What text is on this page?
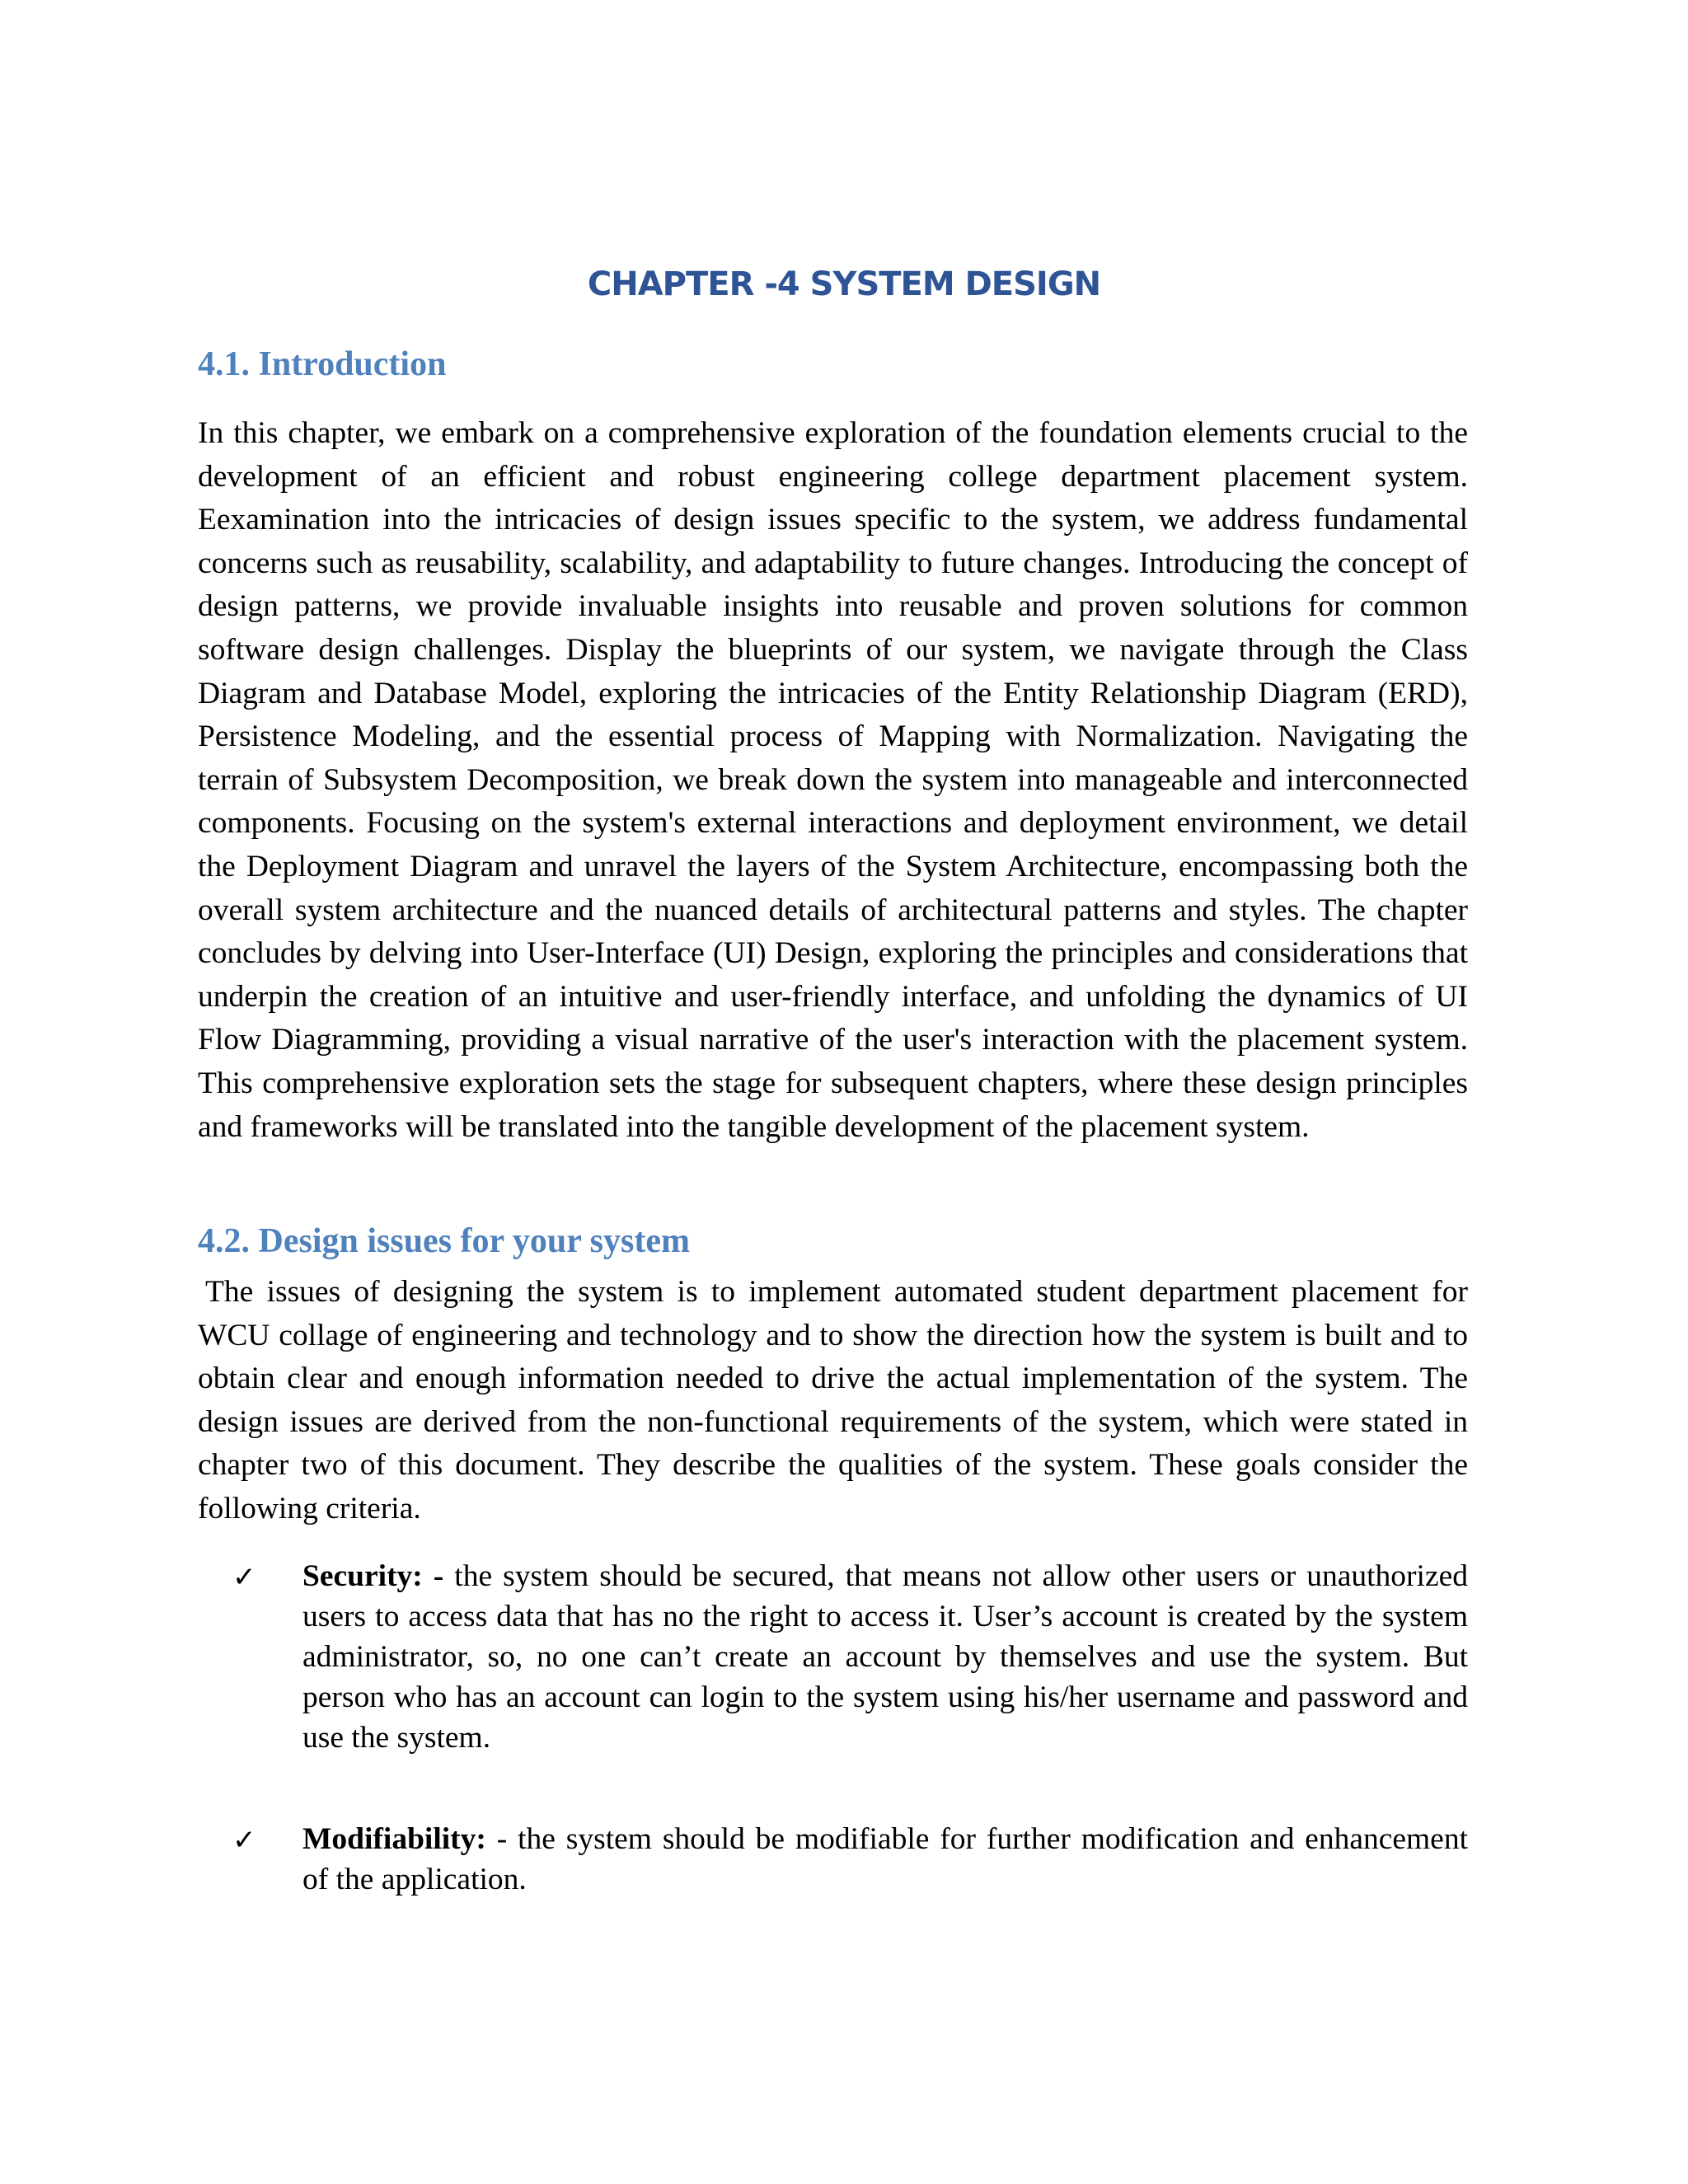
CHAPTER -4 SYSTEM DESIGN
4.1. Introduction

In this chapter, we embark on a comprehensive exploration of the foundation elements crucial to the development of an efficient and robust engineering college department placement system. Eexamination into the intricacies of design issues specific to the system, we address fundamental concerns such as reusability, scalability, and adaptability to future changes. Introducing the concept of design patterns, we provide invaluable insights into reusable and proven solutions for common software design challenges. Display the blueprints of our system, we navigate through the Class Diagram and Database Model, exploring the intricacies of the Entity Relationship Diagram (ERD), Persistence Modeling, and the essential process of Mapping with Normalization. Navigating the terrain of Subsystem Decomposition, we break down the system into manageable and interconnected components. Focusing on the system's external interactions and deployment environment, we detail the Deployment Diagram and unravel the layers of the System Architecture, encompassing both the overall system architecture and the nuanced details of architectural patterns and styles. The chapter concludes by delving into User-Interface (UI) Design, exploring the principles and considerations that underpin the creation of an intuitive and user-friendly interface, and unfolding the dynamics of UI Flow Diagramming, providing a visual narrative of the user's interaction with the placement system. This comprehensive exploration sets the stage for subsequent chapters, where these design principles and frameworks will be translated into the tangible development of the placement system.

4.2. Design issues for your system

The issues of designing the system is to implement automated student department placement for WCU collage of engineering and technology and to show the direction how the system is built and to obtain clear and enough information needed to drive the actual implementation of the system. The design issues are derived from the non-functional requirements of the system, which were stated in chapter two of this document. They describe the qualities of the system. These goals consider the following criteria.

✓ Security: - the system should be secured, that means not allow other users or unauthorized users to access data that has no the right to access it. User’s account is created by the system administrator, so, no one can’t create an account by themselves and use the system. But person who has an account can login to the system using his/her username and password and use the system.
✓ Modifiability: - the system should be modifiable for further modification and enhancement of the application.
